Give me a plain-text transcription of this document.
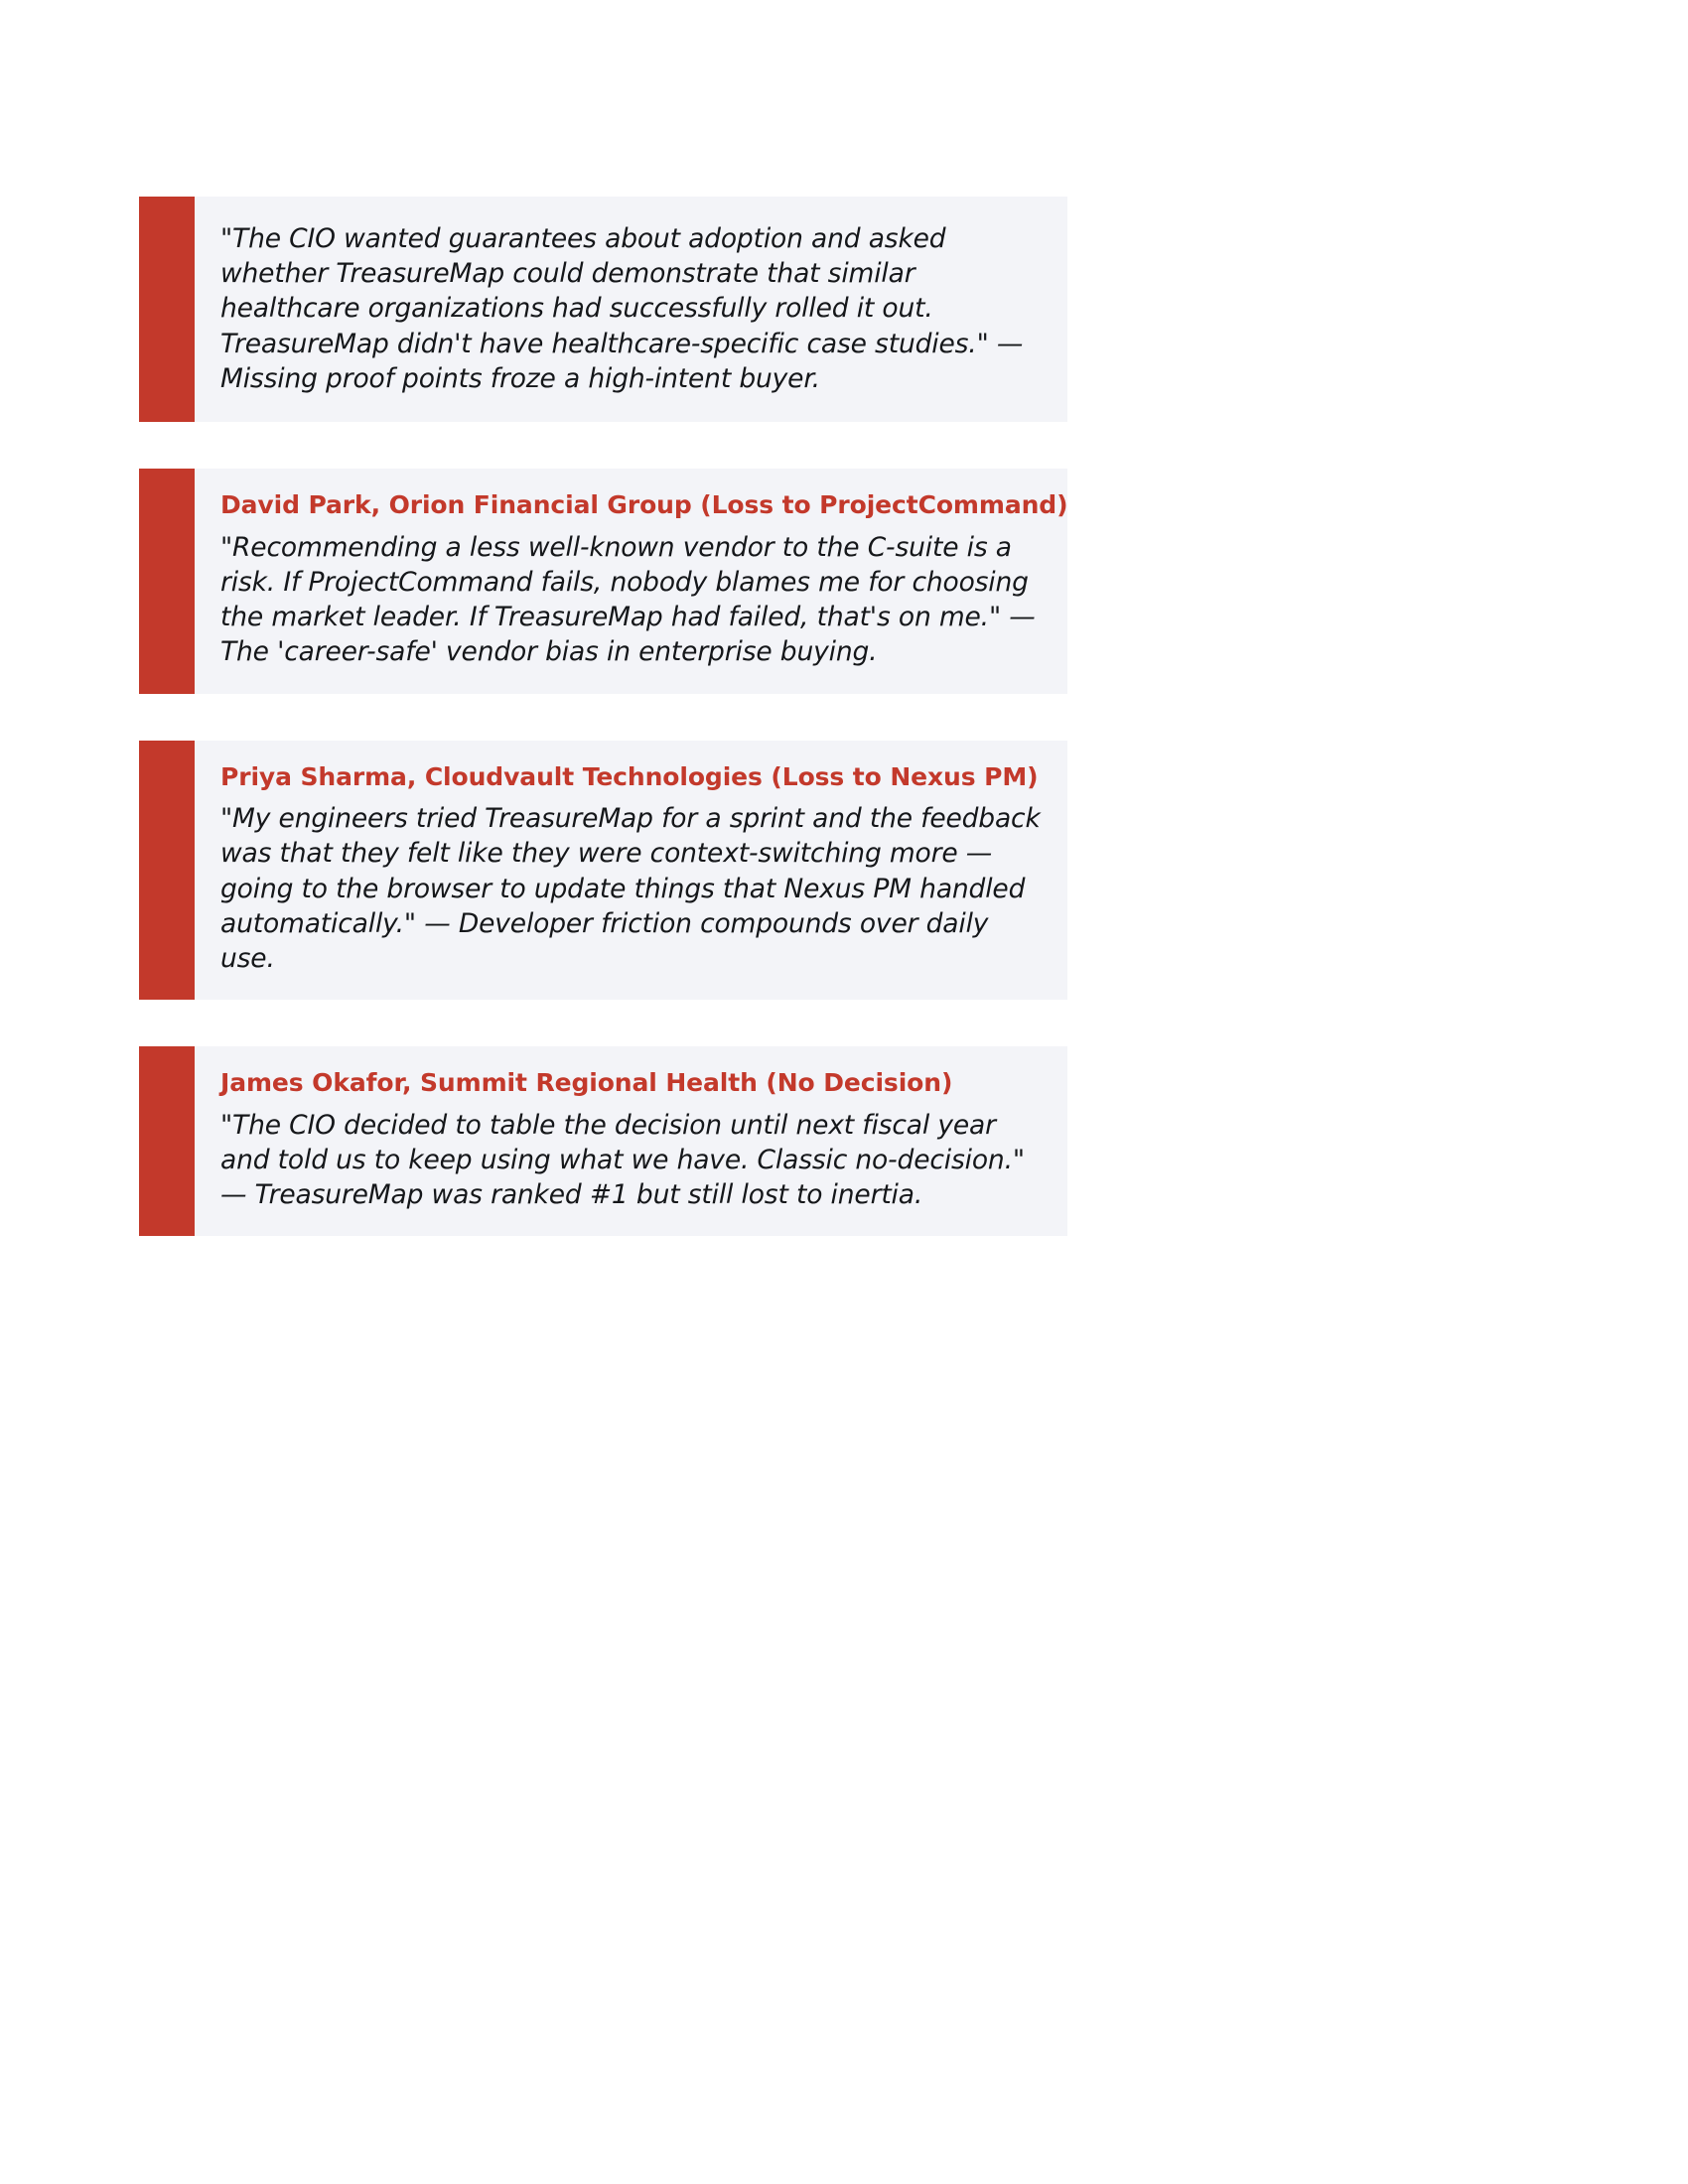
"The CIO wanted guarantees about adoption and asked whether TreasureMap could demonstrate that similar healthcare organizations had successfully rolled it out. TreasureMap didn't have healthcare-specific case studies." — Missing proof points froze a high-intent buyer.

David Park, Orion Financial Group (Loss to ProjectCommand)

"Recommending a less well-known vendor to the C-suite is a risk. If ProjectCommand fails, nobody blames me for choosing the market leader. If TreasureMap had failed, that's on me." — The 'career-safe' vendor bias in enterprise buying.

Priya Sharma, Cloudvault Technologies (Loss to Nexus PM)

"My engineers tried TreasureMap for a sprint and the feedback was that they felt like they were context-switching more — going to the browser to update things that Nexus PM handled automatically." — Developer friction compounds over daily use.

James Okafor, Summit Regional Health (No Decision)

"The CIO decided to table the decision until next fiscal year and told us to keep using what we have. Classic no-decision." — TreasureMap was ranked #1 but still lost to inertia.
